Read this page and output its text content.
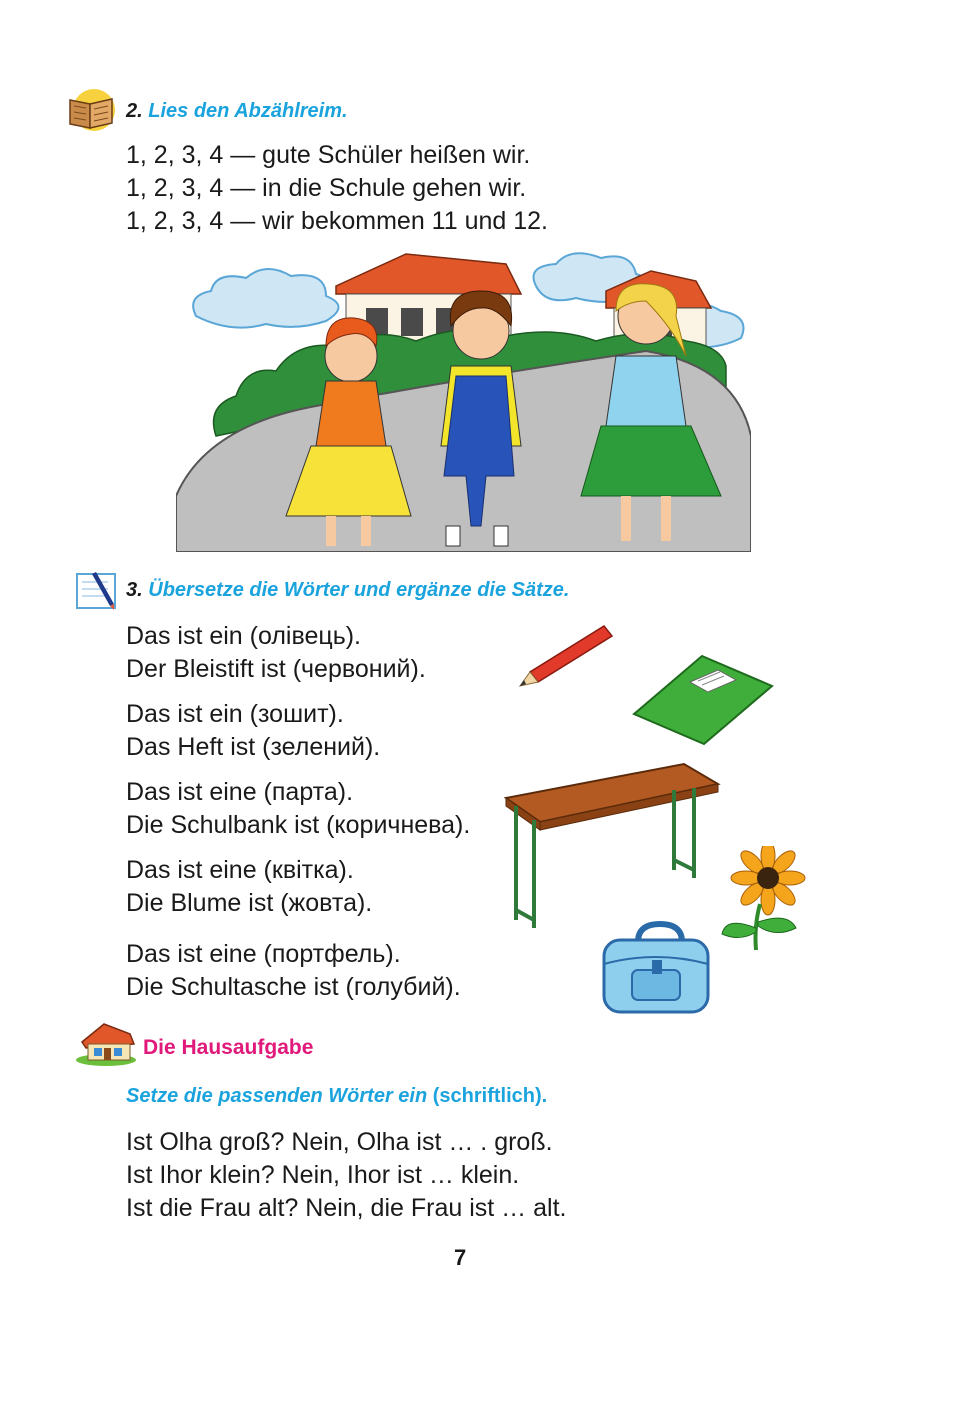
2. Lies den Abzählreim.
1, 2, 3, 4 — gute Schüler heißen wir.
1, 2, 3, 4 — in die Schule gehen wir.
1, 2, 3, 4 — wir bekommen 11 und 12.
3. Übersetze die Wörter und ergänze die Sätze.
Das ist ein (олівець).
Der Bleistift ist (червоний).
Das ist ein (зошит).
Das Heft ist (зелений).
Das ist eine (парта).
Die Schulbank ist (коричнева).
Das ist eine (квітка).
Die Blume ist (жовта).
Das ist eine (портфель).
Die Schultasche ist (голубий).
Die Hausaufgabe
Setze die passenden Wörter ein (schriftlich).
Ist Olha groß? Nein, Olha ist … . groß.
Ist Ihor klein? Nein, Ihor ist … klein.
Ist die Frau alt? Nein, die Frau ist … alt.
7
